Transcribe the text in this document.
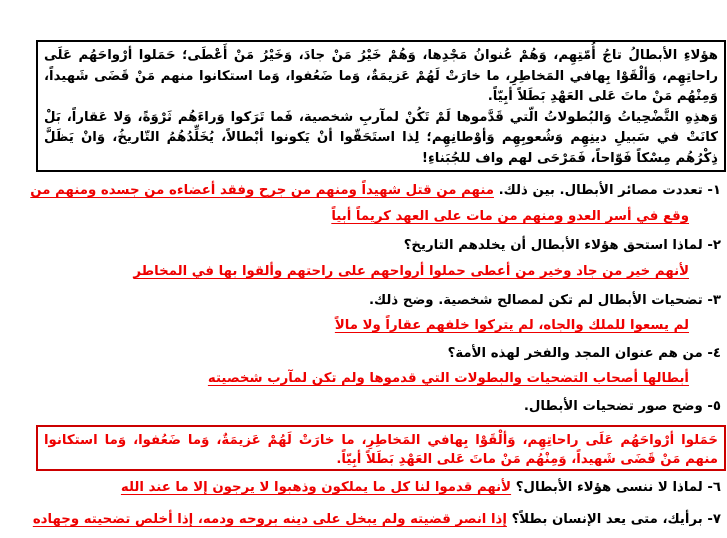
هؤلاءِ الأبطالُ تاجُ أُمّتِهِم، وَهُمْ عُنوانُ مَجْدِها، وَهُمْ خَيْرُ مَنْ جادَ، وَخَيْرُ مَنْ أَعْطَى؛ حَمَلوا أرْواحَهُم عَلَى راحاتِهِم، وَألْقَوْا بِهافي المَخاطِرِ، ما خارَتْ لَهُمْ عَزيمَةٌ، وَما ضَعُفوا، وَما استكانوا منهم مَنْ قَضَى شَهيداً، وَمِنْهُم مَنْ ماتَ عَلى العَهْدِ بَطَلاً أبِيّاً.

وَهذِهِ التَّضْحِياتُ وَالبُطولاتُ الّتي قَدَّموها لَمْ تَكُنْ لمآربِ شخصية، فَما تَرَكوا وَراءَهُم ثَرْوَةً، وَلا عَقاراً، بَلْ كانَتْ في سَبيلِ دينِهِم وَشُعوبِهِم وَأوْطانِهِم؛ لِذا استَحَقّوا أنْ يَكونوا أبْطالاً، يُخَلِّدُهُمُ التّاريخُ، وَانْ يَظَلَّ ذِكْرُهُم مِسْكاً فَوّاحاً، فَمَرْحَى لهم واف للجُبَناءِ!

١- تعددت مصائر الأبطال. بين ذلك. منهم من قتل شهيداً ومنهم من جرح وفقد أعضاءه من جسده ومنهم من
وقع في أسر العدو ومنهم من مات على العهد كريماً أبياً
٢- لماذا استحق هؤلاء الأبطال أن يخلدهم التاريخ؟
لأنهم خير من جاد وخير من أعطى حملوا أرواحهم على راحتهم وألقوا بها في المخاطر
٣- تضحيات الأبطال لم تكن لمصالح شخصية. وضح ذلك.
لم يسعوا للملك والجاه، لم يتركوا خلفهم عقاراً ولا مالاً
٤- من هم عنوان المجد والفخر لهذه الأمة؟
أبطالها أصحاب التضحيات والبطولات التي قدموها ولم تكن لمآرب شخصيته
٥- وضح صور تضحيات الأبطال.

حَمَلوا أرْواحَهُم عَلَى راحاتِهِم، وَألْقَوْا بِهافي المَخاطِرِ، ما خارَتْ لَهُمْ عَزيمَةٌ، وَما ضَعُفوا، وَما استكانوا منهم مَنْ قَضَى شَهيداً، وَمِنْهُم مَنْ ماتَ عَلى العَهْدِ بَطَلاً أبِيّاً.

٦- لماذا لا ننسى هؤلاء الأبطال؟ لأنهم قدموا لنا كل ما يملكون وذهبوا لا يرجون إلا ما عند الله
٧- برأيك، متى يعد الإنسان بطلاً؟ إذا انصر قضيته ولم يبخل على دينه بروحه ودمه، إذا أخلص تضحيته وجهاده
